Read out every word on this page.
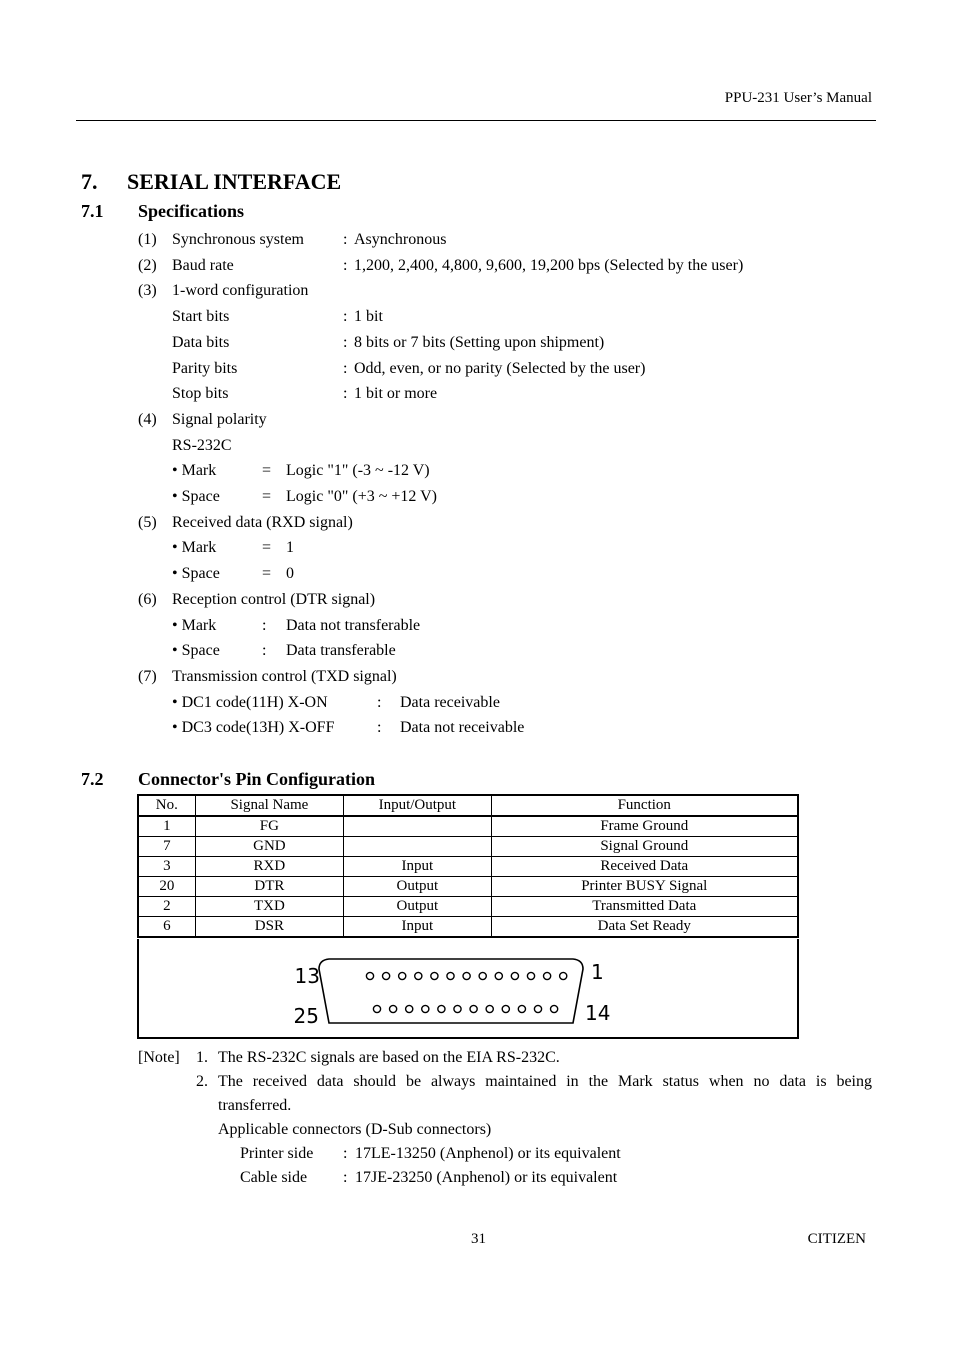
PPU-231 User’s Manual
7. SERIAL INTERFACE
7.1 Specifications
(1) Synchronous system : Asynchronous
(2) Baud rate	: 1,200, 2,400, 4,800, 9,600, 19,200 bps (Selected by the user)
(3) 1-word configuration
Start bits	: 1 bit
Data bits	: 8 bits or 7 bits (Setting upon shipment)
Parity bits	: Odd, even, or no parity (Selected by the user)
Stop bits	: 1 bit or more
(4) Signal polarity
RS-232C
• Mark	= Logic "1" (-3 ~ -12 V)
• Space	= Logic "0" (+3 ~ +12 V)
(5) Received data (RXD signal)
• Mark	= 1
• Space	= 0
(6) Reception control (DTR signal)
• Mark	: Data not transferable
• Space	: Data transferable
(7) Transmission control (TXD signal)
• DC1 code(11H) X-ON	: Data receivable
• DC3 code(13H) X-OFF	: Data not receivable
7.2 Connector's Pin Configuration
No.	Signal Name	Input/Output	Function
1	FG		Frame Ground
7	GND		Signal Ground
3	RXD	Input	Received Data
20	DTR	Output	Printer BUSY Signal
2	TXD	Output	Transmitted Data
6	DSR	Input	Data Set Ready
13	1
25	14
[Note] 1. The RS-232C signals are based on the EIA RS-232C.
2. The received data should be always maintained in the Mark status when no data is being
transferred.
Applicable connectors (D-Sub connectors)
Printer side : 17LE-13250 (Anphenol) or its equivalent
Cable side : 17JE-23250 (Anphenol) or its equivalent
31	CITIZEN
